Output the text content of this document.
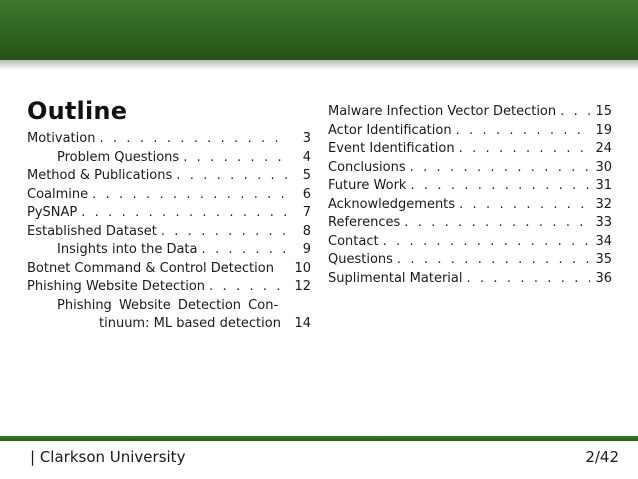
Outline
Motivation . . .	3
Problem Questions . . .	4
Method & Publications . . .	5
Coalmine . . .	6
PySNAP . . .	7
Established Dataset . . .	8
Insights into the Data . . .	9
Botnet Command & Control Detection 10
Phishing Website Detection . . .	12
Phishing Website Detection Con-
tinuum: ML based detection	14
Malware Infection Vector Detection . . .	15
Actor Identification . . .	19
Event Identification . . .	24
Conclusions . . .	30
Future Work . . .	31
Acknowledgements . . .	32
References . . .	33
Contact . . .	34
Questions . . .	35
Suplimental Material . . .	36
| Clarkson University	2/42
